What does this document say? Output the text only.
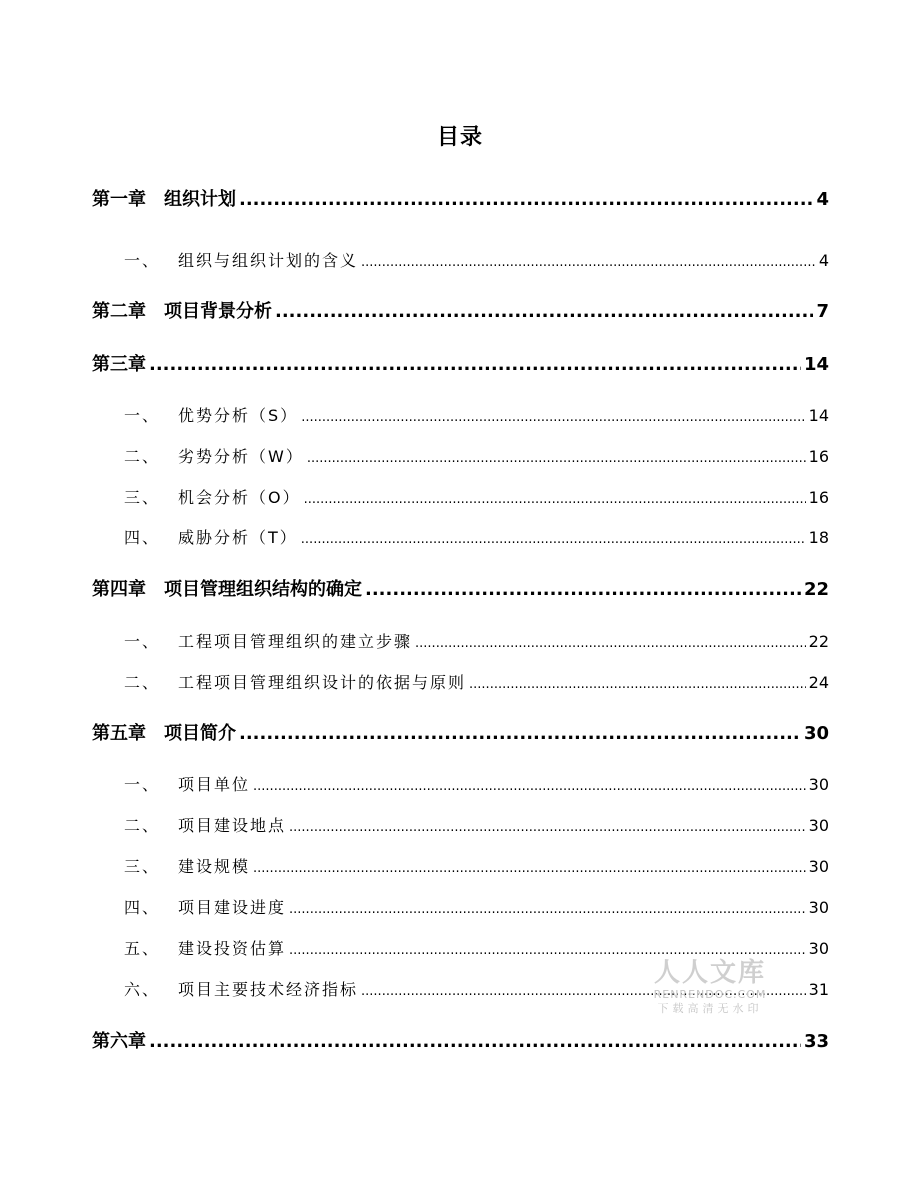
目录
第一章 组织计划 .....	4
一、 组织与组织计划的含义 .....	4
第二章 项目背景分析 .....	7
第三章 .....	14
一、 优势分析（S） .....	14
二、 劣势分析（W） .....	16
三、 机会分析（O） .....	16
四、 威胁分析（T） .....	18
第四章 项目管理组织结构的确定 .....	22
一、 工程项目管理组织的建立步骤 .....	22
二、 工程项目管理组织设计的依据与原则 .....	24
第五章 项目简介 .....	30
一、 项目单位 .....	30
二、 项目建设地点 .....	30
三、 建设规模 .....	30
四、 项目建设进度 .....	30
五、 建设投资估算 .....	30
六、 项目主要技术经济指标 .....	31
第六章 .....	33
人人文库
RENRENDOC.COM
下载高清无水印
